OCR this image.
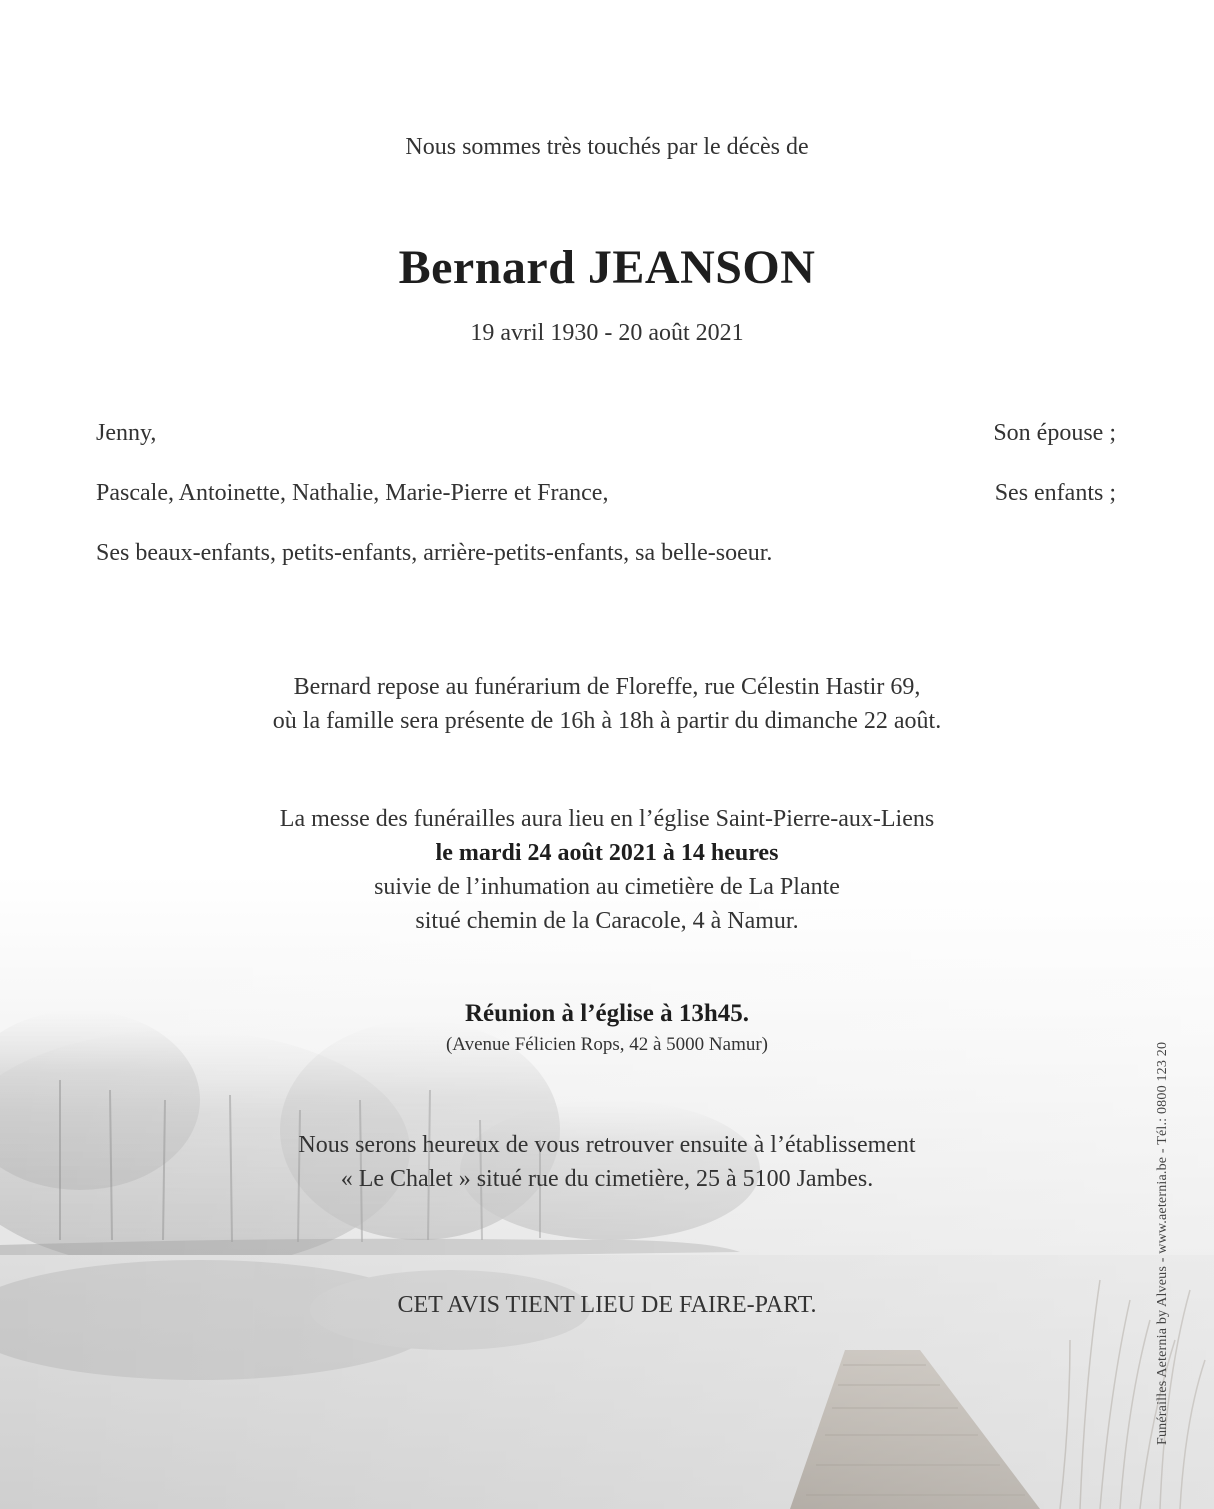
Nous sommes très touchés par le décès de
Bernard JEANSON
19 avril 1930 - 20 août 2021
Jenny,	Son épouse ;
Pascale, Antoinette, Nathalie, Marie-Pierre et France,	Ses enfants ;
Ses beaux-enfants, petits-enfants, arrière-petits-enfants, sa belle-soeur.
Bernard repose au funérarium de Floreffe, rue Célestin Hastir 69,
où la famille sera présente de 16h à 18h à partir du dimanche 22 août.
La messe des funérailles aura lieu en l’église Saint-Pierre-aux-Liens
le mardi 24 août 2021 à 14 heures
suivie de l’inhumation au cimetière de La Plante
situé chemin de la Caracole, 4 à Namur.
Réunion à l’église à 13h45.
(Avenue Félicien Rops, 42 à 5000 Namur)
Nous serons heureux de vous retrouver ensuite à l’établissement
« Le Chalet » situé rue du cimetière, 25 à 5100 Jambes.
CET AVIS TIENT LIEU DE FAIRE-PART.	Funérailles Aeternia by Alveus - www.aeternia.be - Tél.: 0800 123 20
